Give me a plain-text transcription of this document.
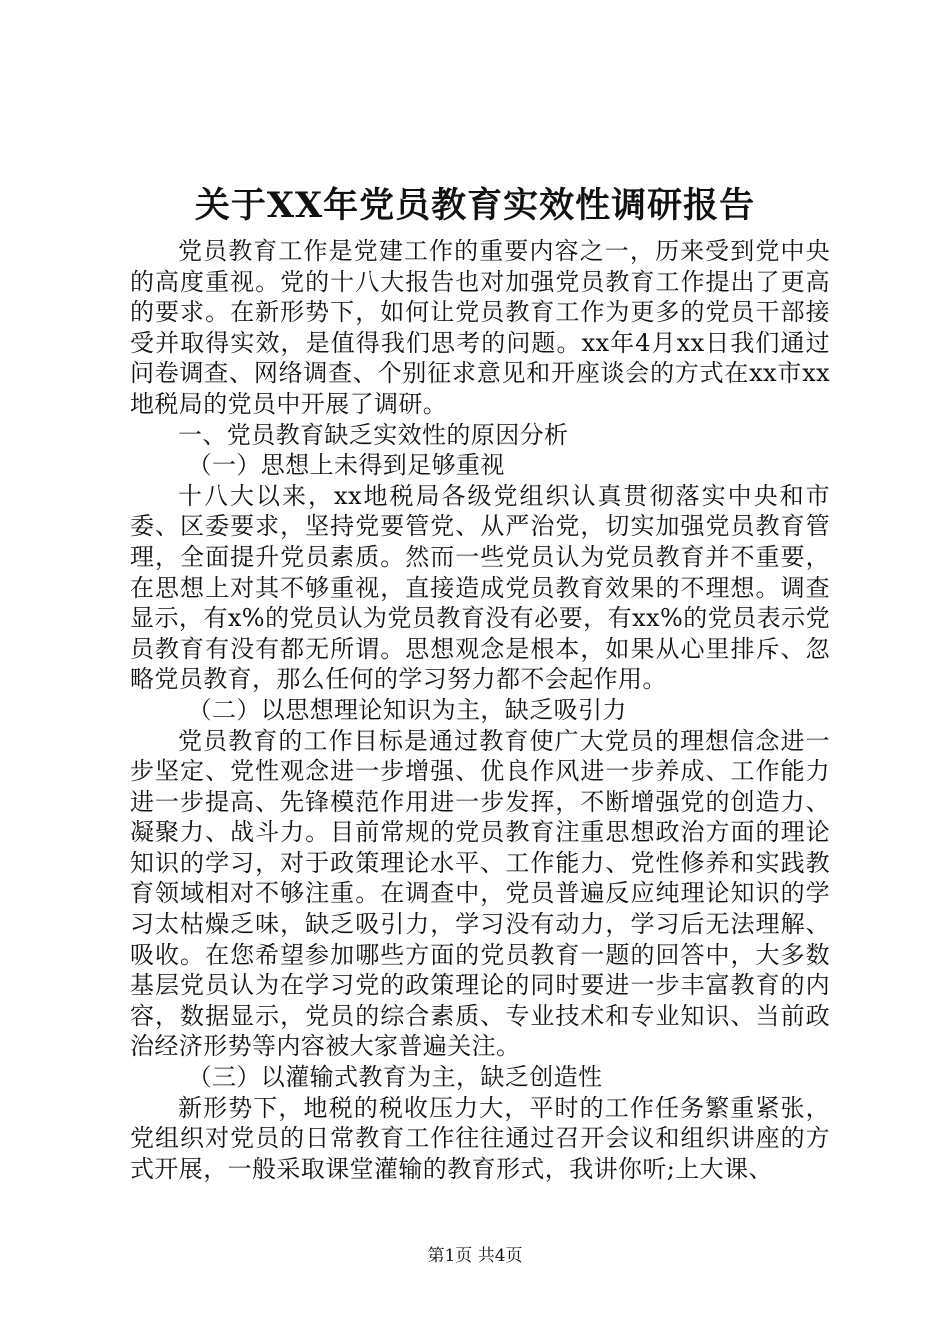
关于XX年党员教育实效性调研报告

党员教育工作是党建工作的重要内容之一，历来受到党中央的高度重视。党的十八大报告也对加强党员教育工作提出了更高的要求。在新形势下，如何让党员教育工作为更多的党员干部接受并取得实效，是值得我们思考的问题。xx年4月xx日我们通过问卷调查、网络调查、个别征求意见和开座谈会的方式在xx市xx地税局的党员中开展了调研。

一、党员教育缺乏实效性的原因分析

（一）思想上未得到足够重视

十八大以来，xx地税局各级党组织认真贯彻落实中央和市委、区委要求，坚持党要管党、从严治党，切实加强党员教育管理，全面提升党员素质。然而一些党员认为党员教育并不重要，在思想上对其不够重视，直接造成党员教育效果的不理想。调查显示，有x%的党员认为党员教育没有必要，有xx%的党员表示党员教育有没有都无所谓。思想观念是根本，如果从心里排斥、忽略党员教育，那么任何的学习努力都不会起作用。

（二）以思想理论知识为主，缺乏吸引力

党员教育的工作目标是通过教育使广大党员的理想信念进一步坚定、党性观念进一步增强、优良作风进一步养成、工作能力进一步提高、先锋模范作用进一步发挥，不断增强党的创造力、凝聚力、战斗力。目前常规的党员教育注重思想政治方面的理论知识的学习，对于政策理论水平、工作能力、党性修养和实践教育领域相对不够注重。在调查中，党员普遍反应纯理论知识的学习太枯燥乏味，缺乏吸引力，学习没有动力，学习后无法理解、吸收。在您希望参加哪些方面的党员教育一题的回答中，大多数基层党员认为在学习党的政策理论的同时要进一步丰富教育的内容，数据显示，党员的综合素质、专业技术和专业知识、当前政治经济形势等内容被大家普遍关注。

（三）以灌输式教育为主，缺乏创造性

新形势下，地税的税收压力大，平时的工作任务繁重紧张，党组织对党员的日常教育工作往往通过召开会议和组织讲座的方式开展，一般采取课堂灌输的教育形式，我讲你听;上大课、

第1页 共4页
